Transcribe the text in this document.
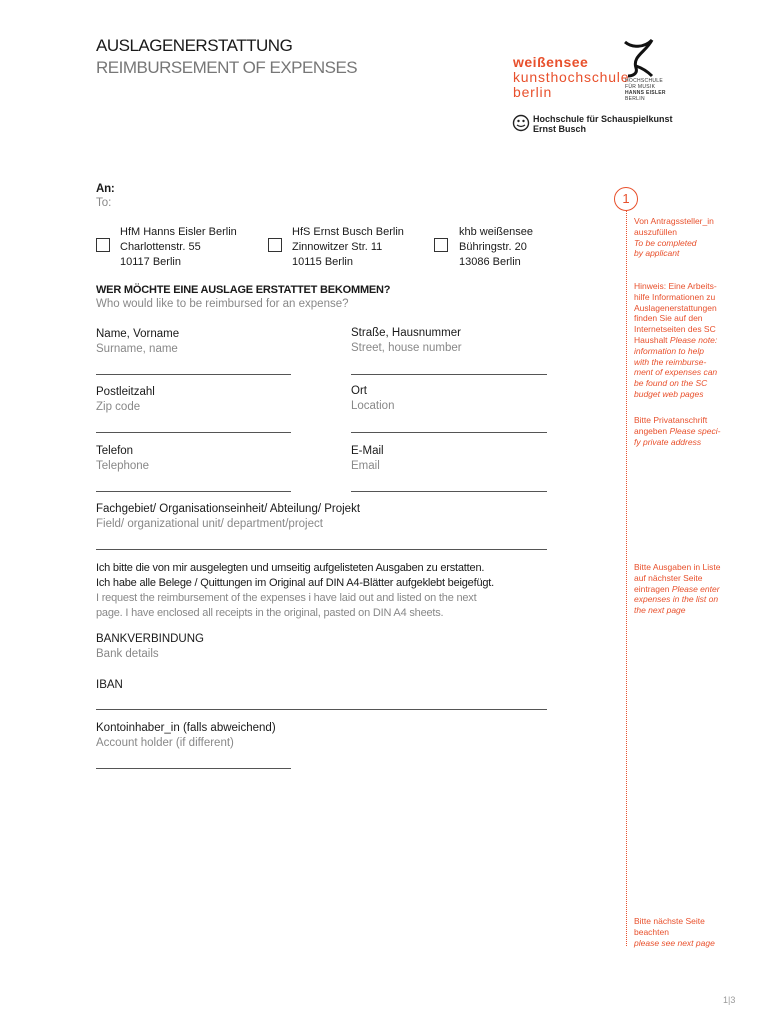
AUSLAGENERSTATTUNG
REIMBURSEMENT OF EXPENSES	weißensee
kunsthochschule
berlin
HOCHSCHULE
FÜR MUSIK
HANNS EISLER
BERLIN
Hochschule für Schauspielkunst
Ernst Busch
An:
To:
HfM Hanns Eisler Berlin
Charlottenstr. 55
10117 Berlin
HfS Ernst Busch Berlin
Zinnowitzer Str. 11
10115 Berlin
khb weißensee
Bühringstr. 20
13086 Berlin
WER MÖCHTE EINE AUSLAGE ERSTATTET BEKOMMEN?
Who would like to be reimbursed for an expense?
Name, Vorname
Surname, name
Straße, Hausnummer
Street, house number
Postleitzahl
Zip code
Ort
Location
Telefon
Telephone
E-Mail
Email
Fachgebiet/ Organisationseinheit/ Abteilung/ Projekt
Field/ organizational unit/ department/project
Ich bitte die von mir ausgelegten und umseitig aufgelisteten Ausgaben zu erstatten.
Ich habe alle Belege / Quittungen im Original auf DIN A4-Blätter aufgeklebt beigefügt.
I request the reimbursement of the expenses i have laid out and listed on the next
page. I have enclosed all receipts in the original, pasted on DIN A4 sheets.
BANKVERBINDUNG
Bank details
IBAN
Kontoinhaber_in (falls abweichend)
Account holder (if different)
1
Von Antragssteller_in
auszufüllen
To be completed
by applicant
Hinweis: Eine Arbeits-
hilfe Informationen zu
Auslagenerstattungen
finden Sie auf den
Internetseiten des SC
Haushalt Please note:
information to help
with the reimburse-
ment of expenses can
be found on the SC
budget web pages
Bitte Privatanschrift
angeben Please speci-
fy private address
Bitte Ausgaben in Liste
auf nächster Seite
eintragen Please enter
expenses in the list on
the next page
Bitte nächste Seite
beachten
please see next page
1|3
